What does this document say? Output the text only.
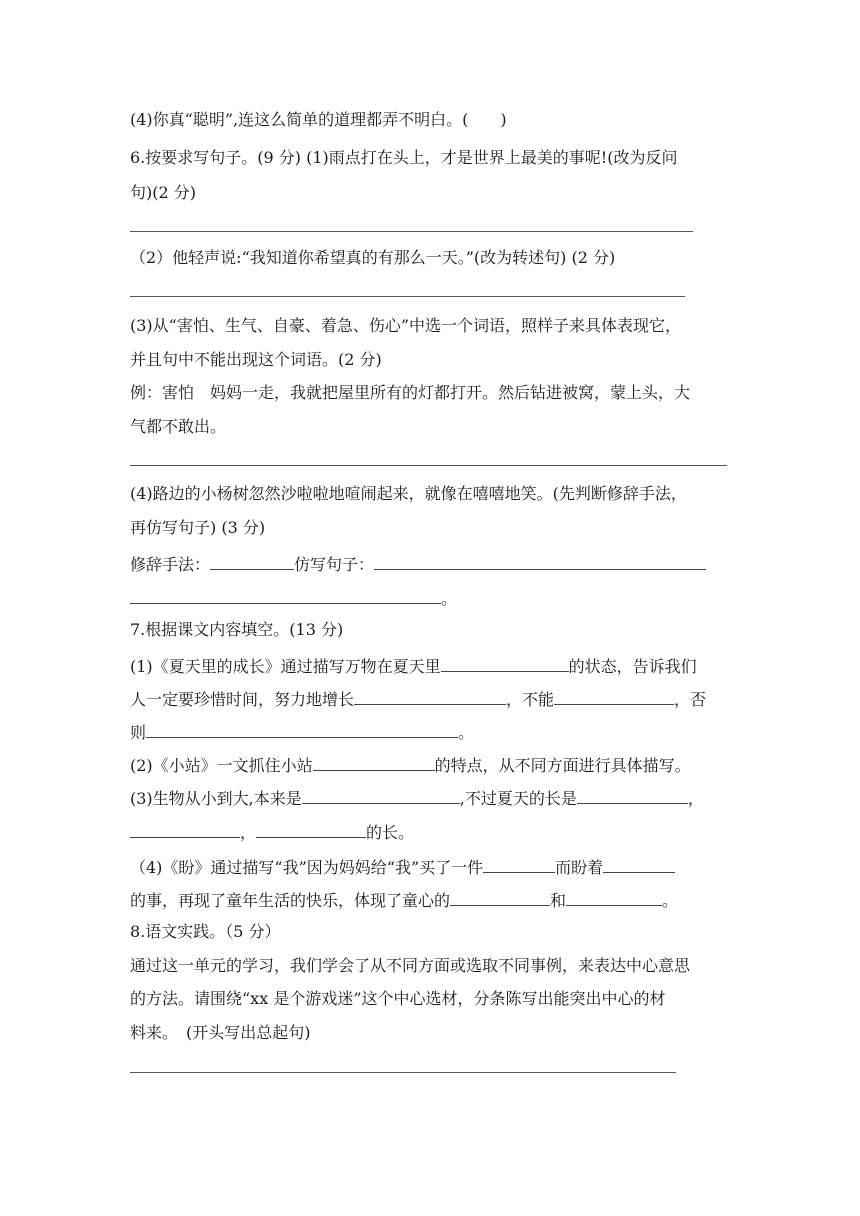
(4)你真“聪明”,连这么简单的道理都弄不明白。(　　)
6.按要求写句子。(9 分) (1)雨点打在头上，才是世界上最美的事呢!(改为反问
句)(2 分)
（2）他轻声说:“我知道你希望真的有那么一天。”(改为转述句) (2 分)
(3)从“害怕、生气、自豪、着急、伤心”中选一个词语，照样子来具体表现它，
并且句中不能出现这个词语。(2 分)
例：害怕　妈妈一走，我就把屋里所有的灯都打开。然后钻进被窝，蒙上头，大
气都不敢出。
(4)路边的小杨树忽然沙啦啦地喧闹起来，就像在嘻嘻地笑。(先判断修辞手法，
再仿写句子) (3 分)
修辞手法：	仿写句子：
。
7.根据课文内容填空。(13 分)
(1)《夏天里的成长》通过描写万物在夏天里	的状态，告诉我们
人一定要珍惜时间，努力地增长	，不能	，否
则	。
(2)《小站》一文抓住小站	的特点，从不同方面进行具体描写。
(3)生物从小到大,本来是	,不过夏天的长是	，
，	的长。
（4)《盼》通过描写“我”因为妈妈给“我”买了一件	而盼着
的事，再现了童年生活的快乐，体现了童心的	和	。
8.语文实践。（5 分）
通过这一单元的学习，我们学会了从不同方面或选取不同事例，来表达中心意思
的方法。请围绕“xx 是个游戏迷”这个中心选材，分条陈写出能突出中心的材
料来。　(开头写出总起句)
